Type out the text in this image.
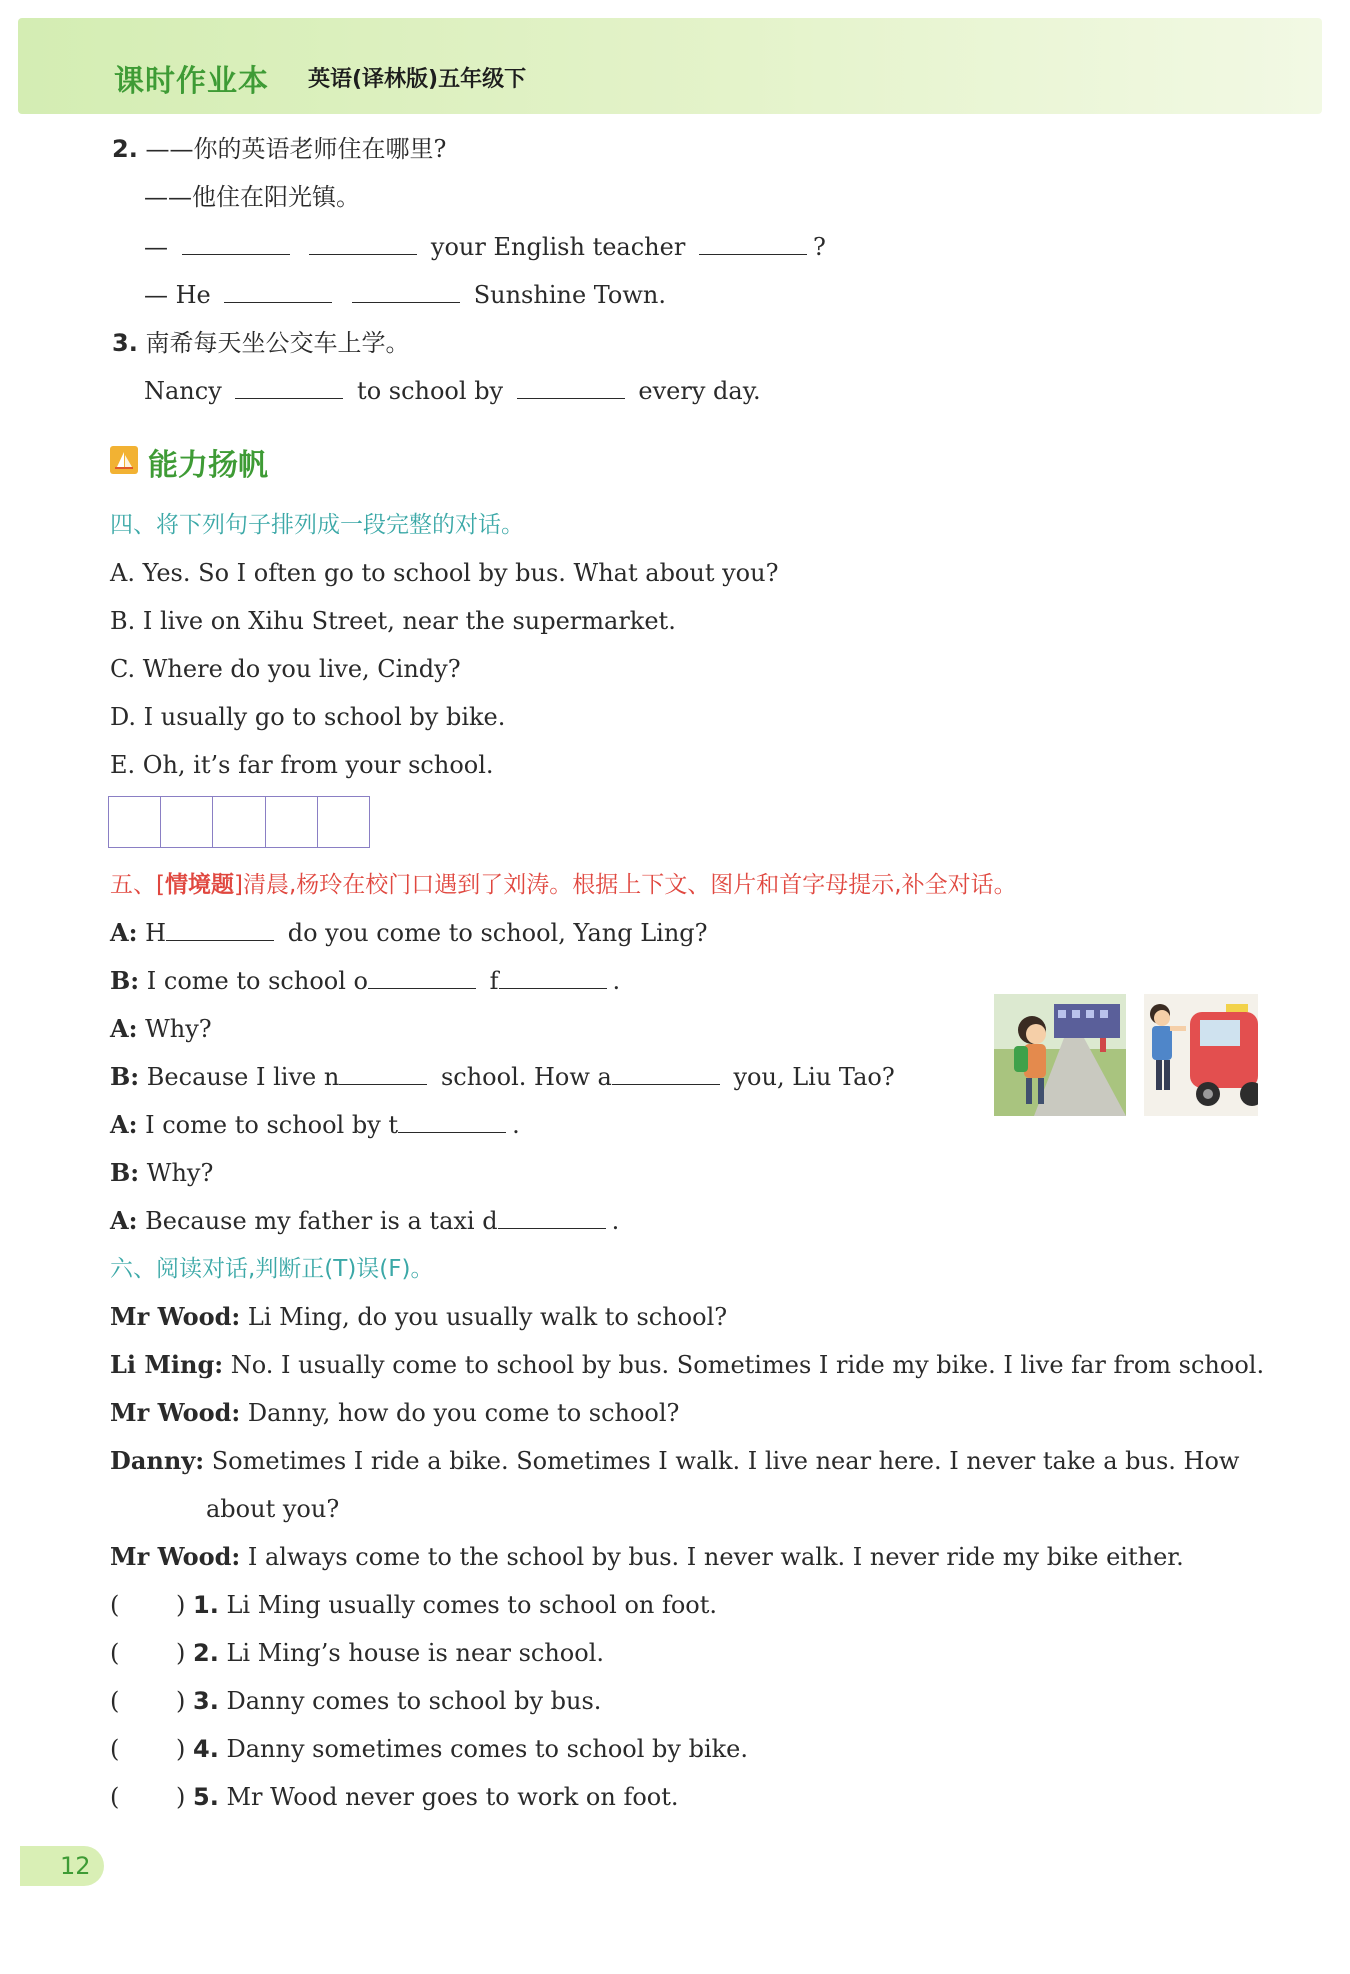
课时作业本 英语(译林版)五年级下
2. ——你的英语老师住在哪里?
——他住在阳光镇。
—	your English teacher	?
— He	Sunshine Town.
3. 南希每天坐公交车上学。
Nancy	to school by	every day.
能力扬帆
四、将下列句子排列成一段完整的对话。
A. Yes. So I often go to school by bus. What about you?
B. I live on Xihu Street, near the supermarket.
C. Where do you live, Cindy?
D. I usually go to school by bike.
E. Oh, it’s far from your school.
五、[情境题]清晨,杨玲在校门口遇到了刘涛。根据上下文、图片和首字母提示,补全对话。
A: H	do you come to school, Yang Ling?
B: I come to school o	f	.
A: Why?
B: Because I live n	school. How a	you, Liu Tao?
A: I come to school by t	.
B: Why?
A: Because my father is a taxi d	.
六、阅读对话,判断正(T)误(F)。
Mr Wood: Li Ming, do you usually walk to school?
Li Ming: No. I usually come to school by bus. Sometimes I ride my bike. I live far from school.
Mr Wood: Danny, how do you come to school?
Danny: Sometimes I ride a bike. Sometimes I walk. I live near here. I never take a bus. How
about you?
Mr Wood: I always come to the school by bus. I never walk. I never ride my bike either.
( ) 1. Li Ming usually comes to school on foot.
( ) 2. Li Ming’s house is near school.
( ) 3. Danny comes to school by bus.
( ) 4. Danny sometimes comes to school by bike.
( ) 5. Mr Wood never goes to work on foot.
12
